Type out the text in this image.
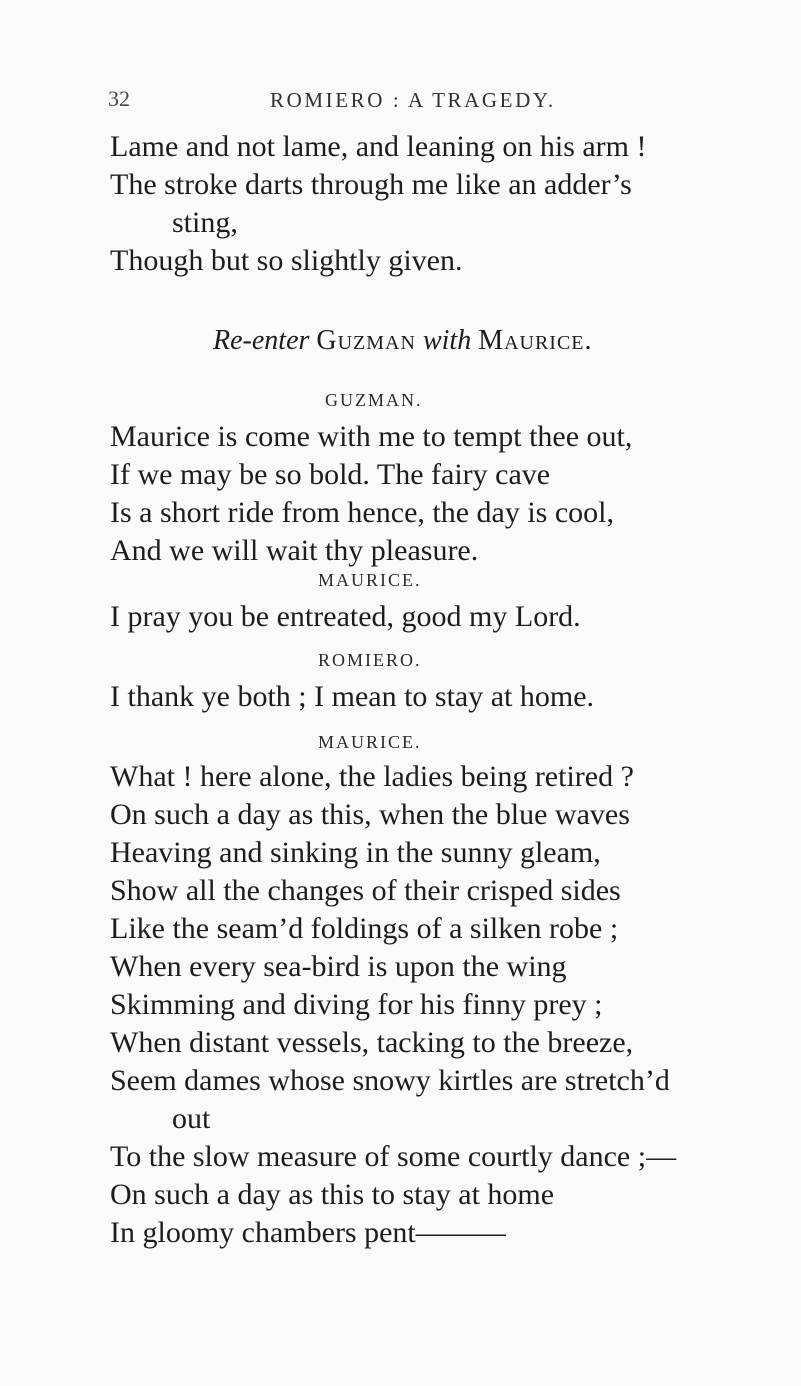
32	ROMIERO : A TRAGEDY.
Lame and not lame, and leaning on his arm !
The stroke darts through me like an adder’s
sting,
Though but so slightly given.
Re-enter Guzman with Maurice.
GUZMAN.
Maurice is come with me to tempt thee out,
If we may be so bold. The fairy cave
Is a short ride from hence, the day is cool,
And we will wait thy pleasure.
MAURICE.
I pray you be entreated, good my Lord.
ROMIERO.
I thank ye both ; I mean to stay at home.
MAURICE.
What ! here alone, the ladies being retired ?
On such a day as this, when the blue waves
Heaving and sinking in the sunny gleam,
Show all the changes of their crisped sides
Like the seam’d foldings of a silken robe ;
When every sea-bird is upon the wing
Skimming and diving for his finny prey ;
When distant vessels, tacking to the breeze,
Seem dames whose snowy kirtles are stretch’d
out
To the slow measure of some courtly dance ;—
On such a day as this to stay at home
In gloomy chambers pent———
